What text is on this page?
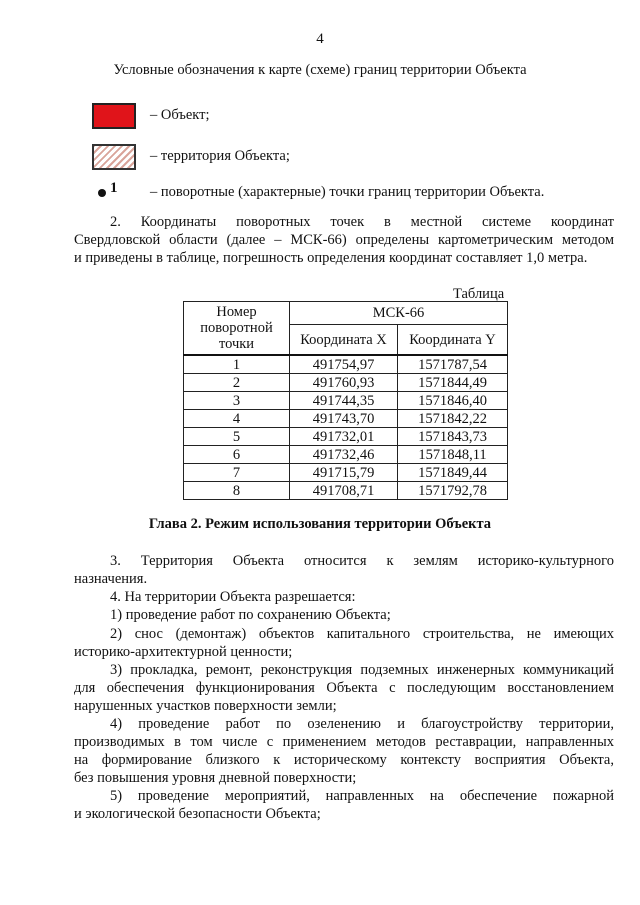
4
Условные обозначения к карте (схеме) границ территории Объекта
– Объект;
– территория Объекта;
1 – поворотные (характерные) точки границ территории Объекта.
2. Координаты поворотных точек в местной системе координат
Свердловской области (далее – МСК-66) определены картометрическим методом
и приведены в таблице, погрешность определения координат составляет 1,0 метра.
Таблица
Номер поворотной точки	МСК-66	
	Координата X	Координата Y
1	491754,97	1571787,54
2	491760,93	1571844,49
3	491744,35	1571846,40
4	491743,70	1571842,22
5	491732,01	1571843,73
6	491732,46	1571848,11
7	491715,79	1571849,44
8	491708,71	1571792,78
Глава 2. Режим использования территории Объекта
3. Территория Объекта относится к землям историко-культурного
назначения.
4. На территории Объекта разрешается:
1) проведение работ по сохранению Объекта;
2) снос (демонтаж) объектов капитального строительства, не имеющих
историко-архитектурной ценности;
3) прокладка, ремонт, реконструкция подземных инженерных коммуникаций
для обеспечения функционирования Объекта с последующим восстановлением
нарушенных участков поверхности земли;
4) проведение работ по озеленению и благоустройству территории,
производимых в том числе с применением методов реставрации, направленных
на формирование близкого к историческому контексту восприятия Объекта,
без повышения уровня дневной поверхности;
5) проведение мероприятий, направленных на обеспечение пожарной
и экологической безопасности Объекта;
